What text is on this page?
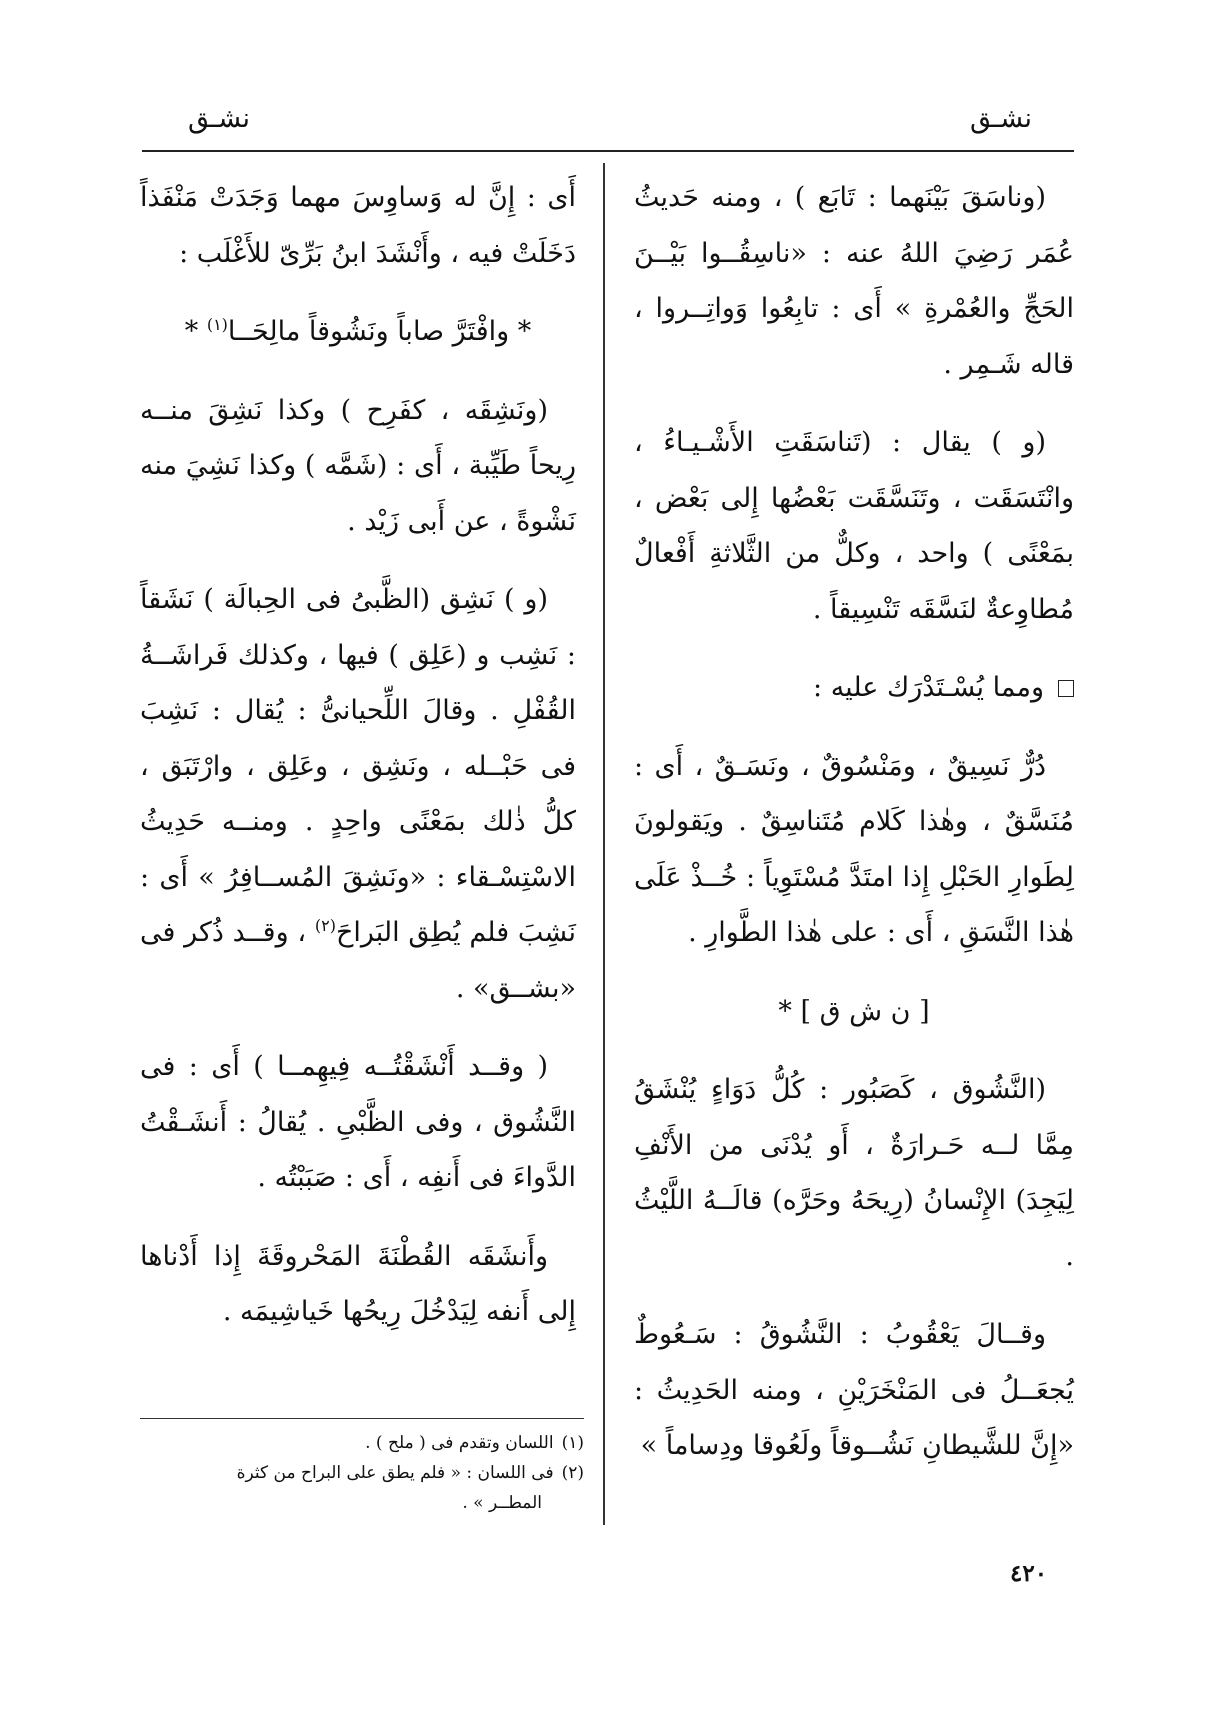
نشـق
نشـق

(وناسَقَ بَيْنَهما : تَابَع ) ، ومنه حَديثُ عُمَر رَضِيَ اللهُ عنه : «ناسِقُــوا بَيْــنَ الحَجِّ والعُمْرةِ » أَى : تابِعُوا وَواتِــروا ، قاله شَـمِر .

(و ) يقال : (تَناسَقَتِ الأَشْـيـاءُ ، وانْتَسَقَت ، وتَنَسَّقَت بَعْضُها إِلى بَعْض ، بمَعْنًى ) واحد ، وكلٌّ من الثَّلاثةِ أَفْعالٌ مُطاوِعةٌ لنَسَّقَه تَنْسِيقاً .

ومما يُسْـتَدْرَك عليه :

دُرٌّ نَسِيقٌ ، ومَنْسُوقٌ ، ونَسَـقٌ ، أَى : مُنَسَّقٌ ، وهٰذا كَلام مُتَناسِقٌ . ويَقولونَ لِطَوارِ الحَبْلِ إِذا امتَدَّ مُسْتَوِياً : خُــذْ عَلَى هٰذا النَّسَقِ ، أَى : على هٰذا الطَّوارِ .

[ ن ش ق ] *

(النَّشُوق ، كَصَبُور : كُلُّ دَوَاءٍ يُنْشَقُ مِمَّا لــه حَـرارَةٌ ، أَو يُدْنَى من الأَنْفِ لِيَجِدَ) الإِنْسانُ (رِيحَهُ وحَرَّه) قالَــهُ اللَّيْثُ .

وقــالَ يَعْقُوبُ : النَّشُوقُ : سَـعُوطٌ يُجعَــلُ فى المَنْخَرَيْنِ ، ومنه الحَدِيثُ : «إِنَّ للشَّيطانِ نَشُــوقاً ولَعُوقا ودِساماً »

أَى : إِنَّ له وَساوِسَ مهما وَجَدَتْ مَنْفَذاً دَخَلَتْ فيه ، وأَنْشَدَ ابنُ بَرِّىّ للأَغْلَب :

* وافْتَرَّ صاباً ونَشُوقاً مالِحَــا$^{(١)}$ *

(ونَشِقَه ، كفَرِح ) وكذا نَشِقَ منــه رِيحاً طَيِّبة ، أَى : (شَمَّه ) وكذا نَشِيَ منه نَشْوةً ، عن أَبى زَيْد .

(و ) نَشِق (الظَّبىُ فى الحِبالَة ) نَشَقاً : نَشِب و (عَلِق ) فيها ، وكذلك فَراشَــةُ القُفْلِ . وقالَ اللِّحيانىُّ : يُقال : نَشِبَ فى حَبْــله ، ونَشِق ، وعَلِق ، وارْتَبَق ، كلُّ ذٰلك بمَعْنًى واحِدٍ . ومنــه حَدِيثُ الاسْتِسْـقاء : «ونَشِقَ المُســافِرُ » أَى : نَشِبَ فلم يُطِق البَراحَ$^{(٢)}$ ، وقــد ذُكر فى «بشــق» .

( وقــد أَنْشَقْتُــه فِيهِمــا ) أَى : فى النَّشُوق ، وفى الظَّبْىِ . يُقالُ : أَنشَـقْتُ الدَّواءَ فى أَنفِه ، أَى : صَبَبْتُه .

وأَنشَقَه القُطْنَةَ المَحْروقَةَ إِذا أَدْناها إِلى أَنفه لِيَدْخُلَ رِيحُها خَياشِيمَه .

(١)اللسان وتقدم فى ( ملح ) .

(٢)فى اللسان : « فلم يطق على البراح من كثرة

المطــر » .

٤٢٠
